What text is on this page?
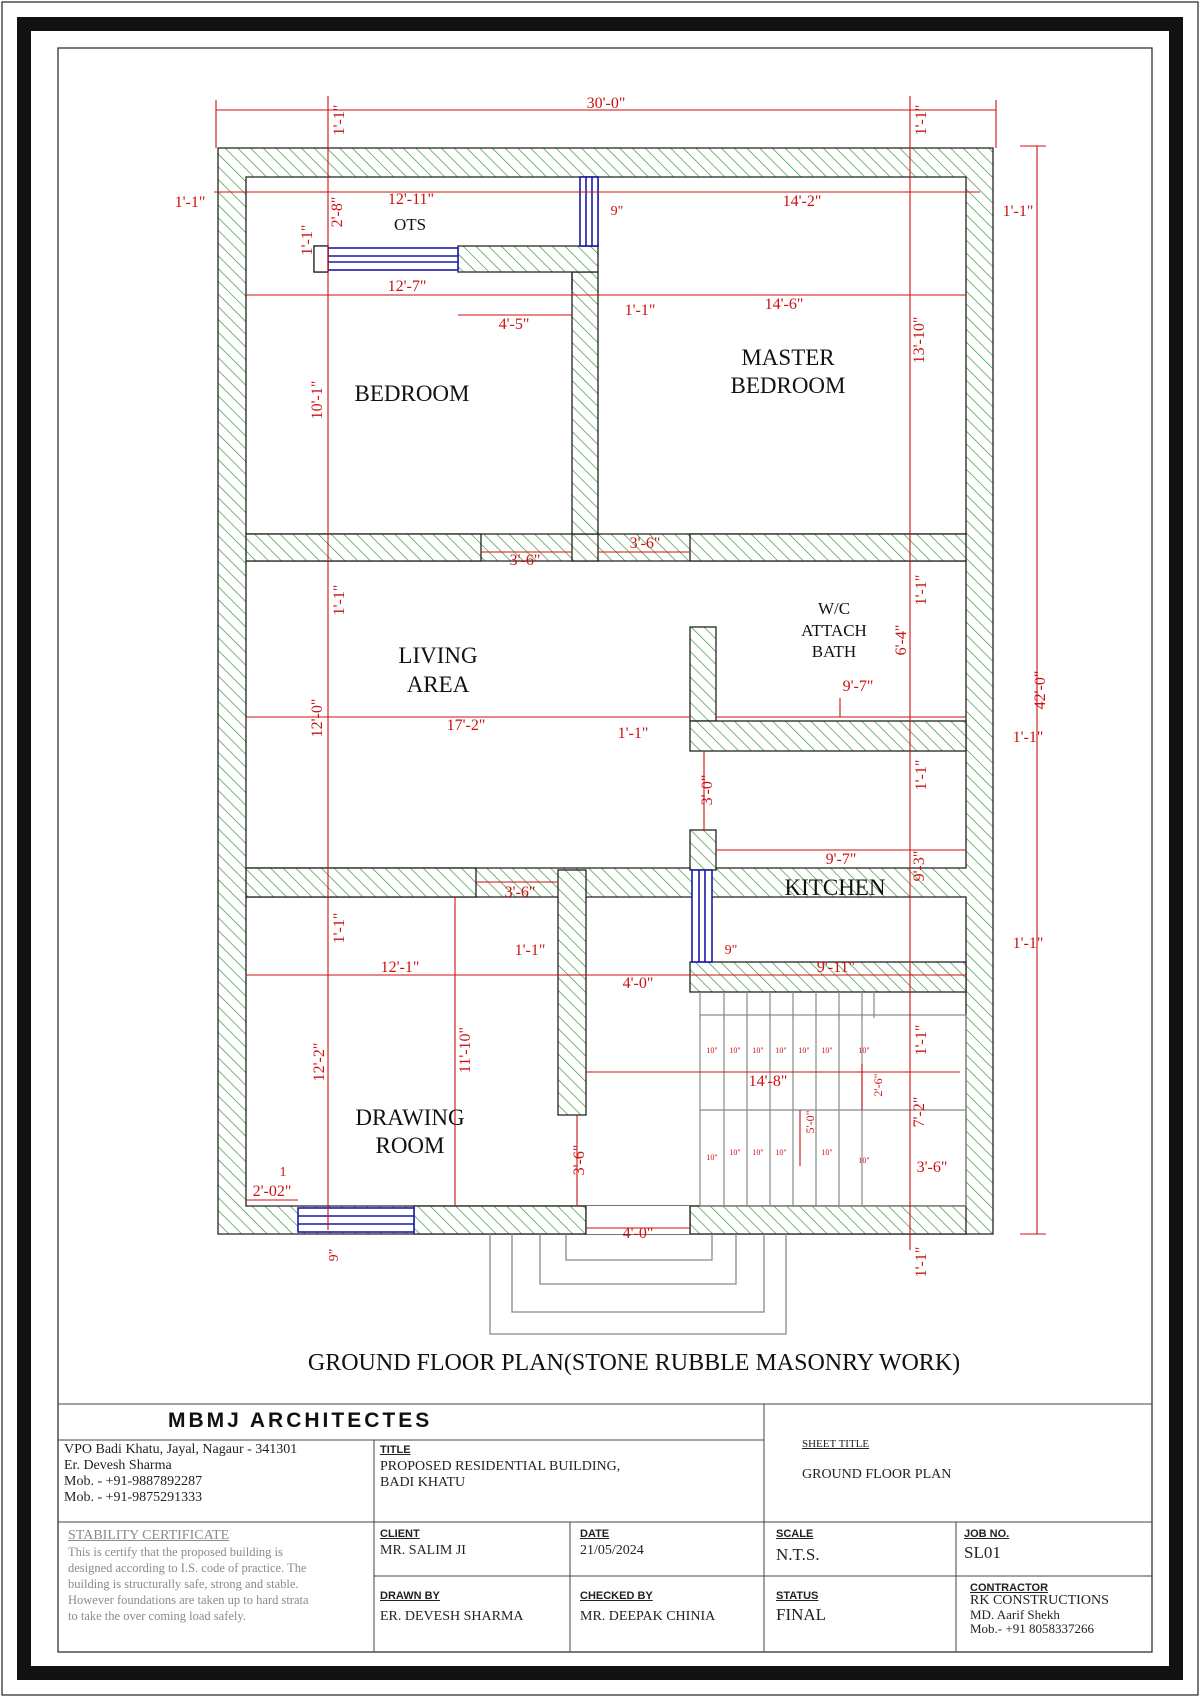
OTS
BEDROOM
MASTER
BEDROOM
LIVING
AREA
W/C
ATTACH
BATH
KITCHEN
DRAWING
ROOM
30'-0"
42'-0"
12'-11"	14'-2"
9"
1'-1"
1'-1"
1'-1"	1'-1"
2'-8"
1'-1"
12'-7"
14'-6"
4'-5"
1'-1"
13'-10"
10'-1"
3'-6"
3'-6"
1'-1"	1'-1"
6'-4"
9'-7"
1'-1"
12'-0"	17'-2"	1'-1"
3'-0"	1'-1"
9'-7"	9'-3"
3'-6"
1'-1"
1'-1"	9"	1'-1"
12'-1"
4'-0"
9'-11"
12'-2"	11'-10"	1'-1"
14'-8"	2'-6"
7'-2"
5'-0"
3'-6"	3'-6"
1
2'-02"
4'-0"
9"	1'-1"
10" 10" 10" 10" 10" 10"	10"
10"
10" 10" 10"	10"
10"
GROUND FLOOR PLAN(STONE RUBBLE MASONRY WORK)
MBMJ ARCHITECTES
VPO Badi Khatu, Jayal, Nagaur - 341301
Er. Devesh Sharma
Mob. - +91-9887892287
Mob. - +91-9875291333
TITLE
PROPOSED RESIDENTIAL BUILDING,
BADI KHATU
SHEET TITLE
GROUND FLOOR PLAN
STABILITY CERTIFICATE
This is certify that the proposed building is
designed according to I.S. code of practice. The
building is structurally safe, strong and stable.
However foundations are taken up to hard strata
to take the over coming load safely.
CLIENT
MR. SALIM JI
DATE
21/05/2024
SCALE
N.T.S.
JOB NO.
SL01
DRAWN BY
ER. DEVESH SHARMA
CHECKED BY
MR. DEEPAK CHINIA
STATUS
FINAL
CONTRACTOR
RK CONSTRUCTIONS
MD. Aarif Shekh
Mob.- +91 8058337266
